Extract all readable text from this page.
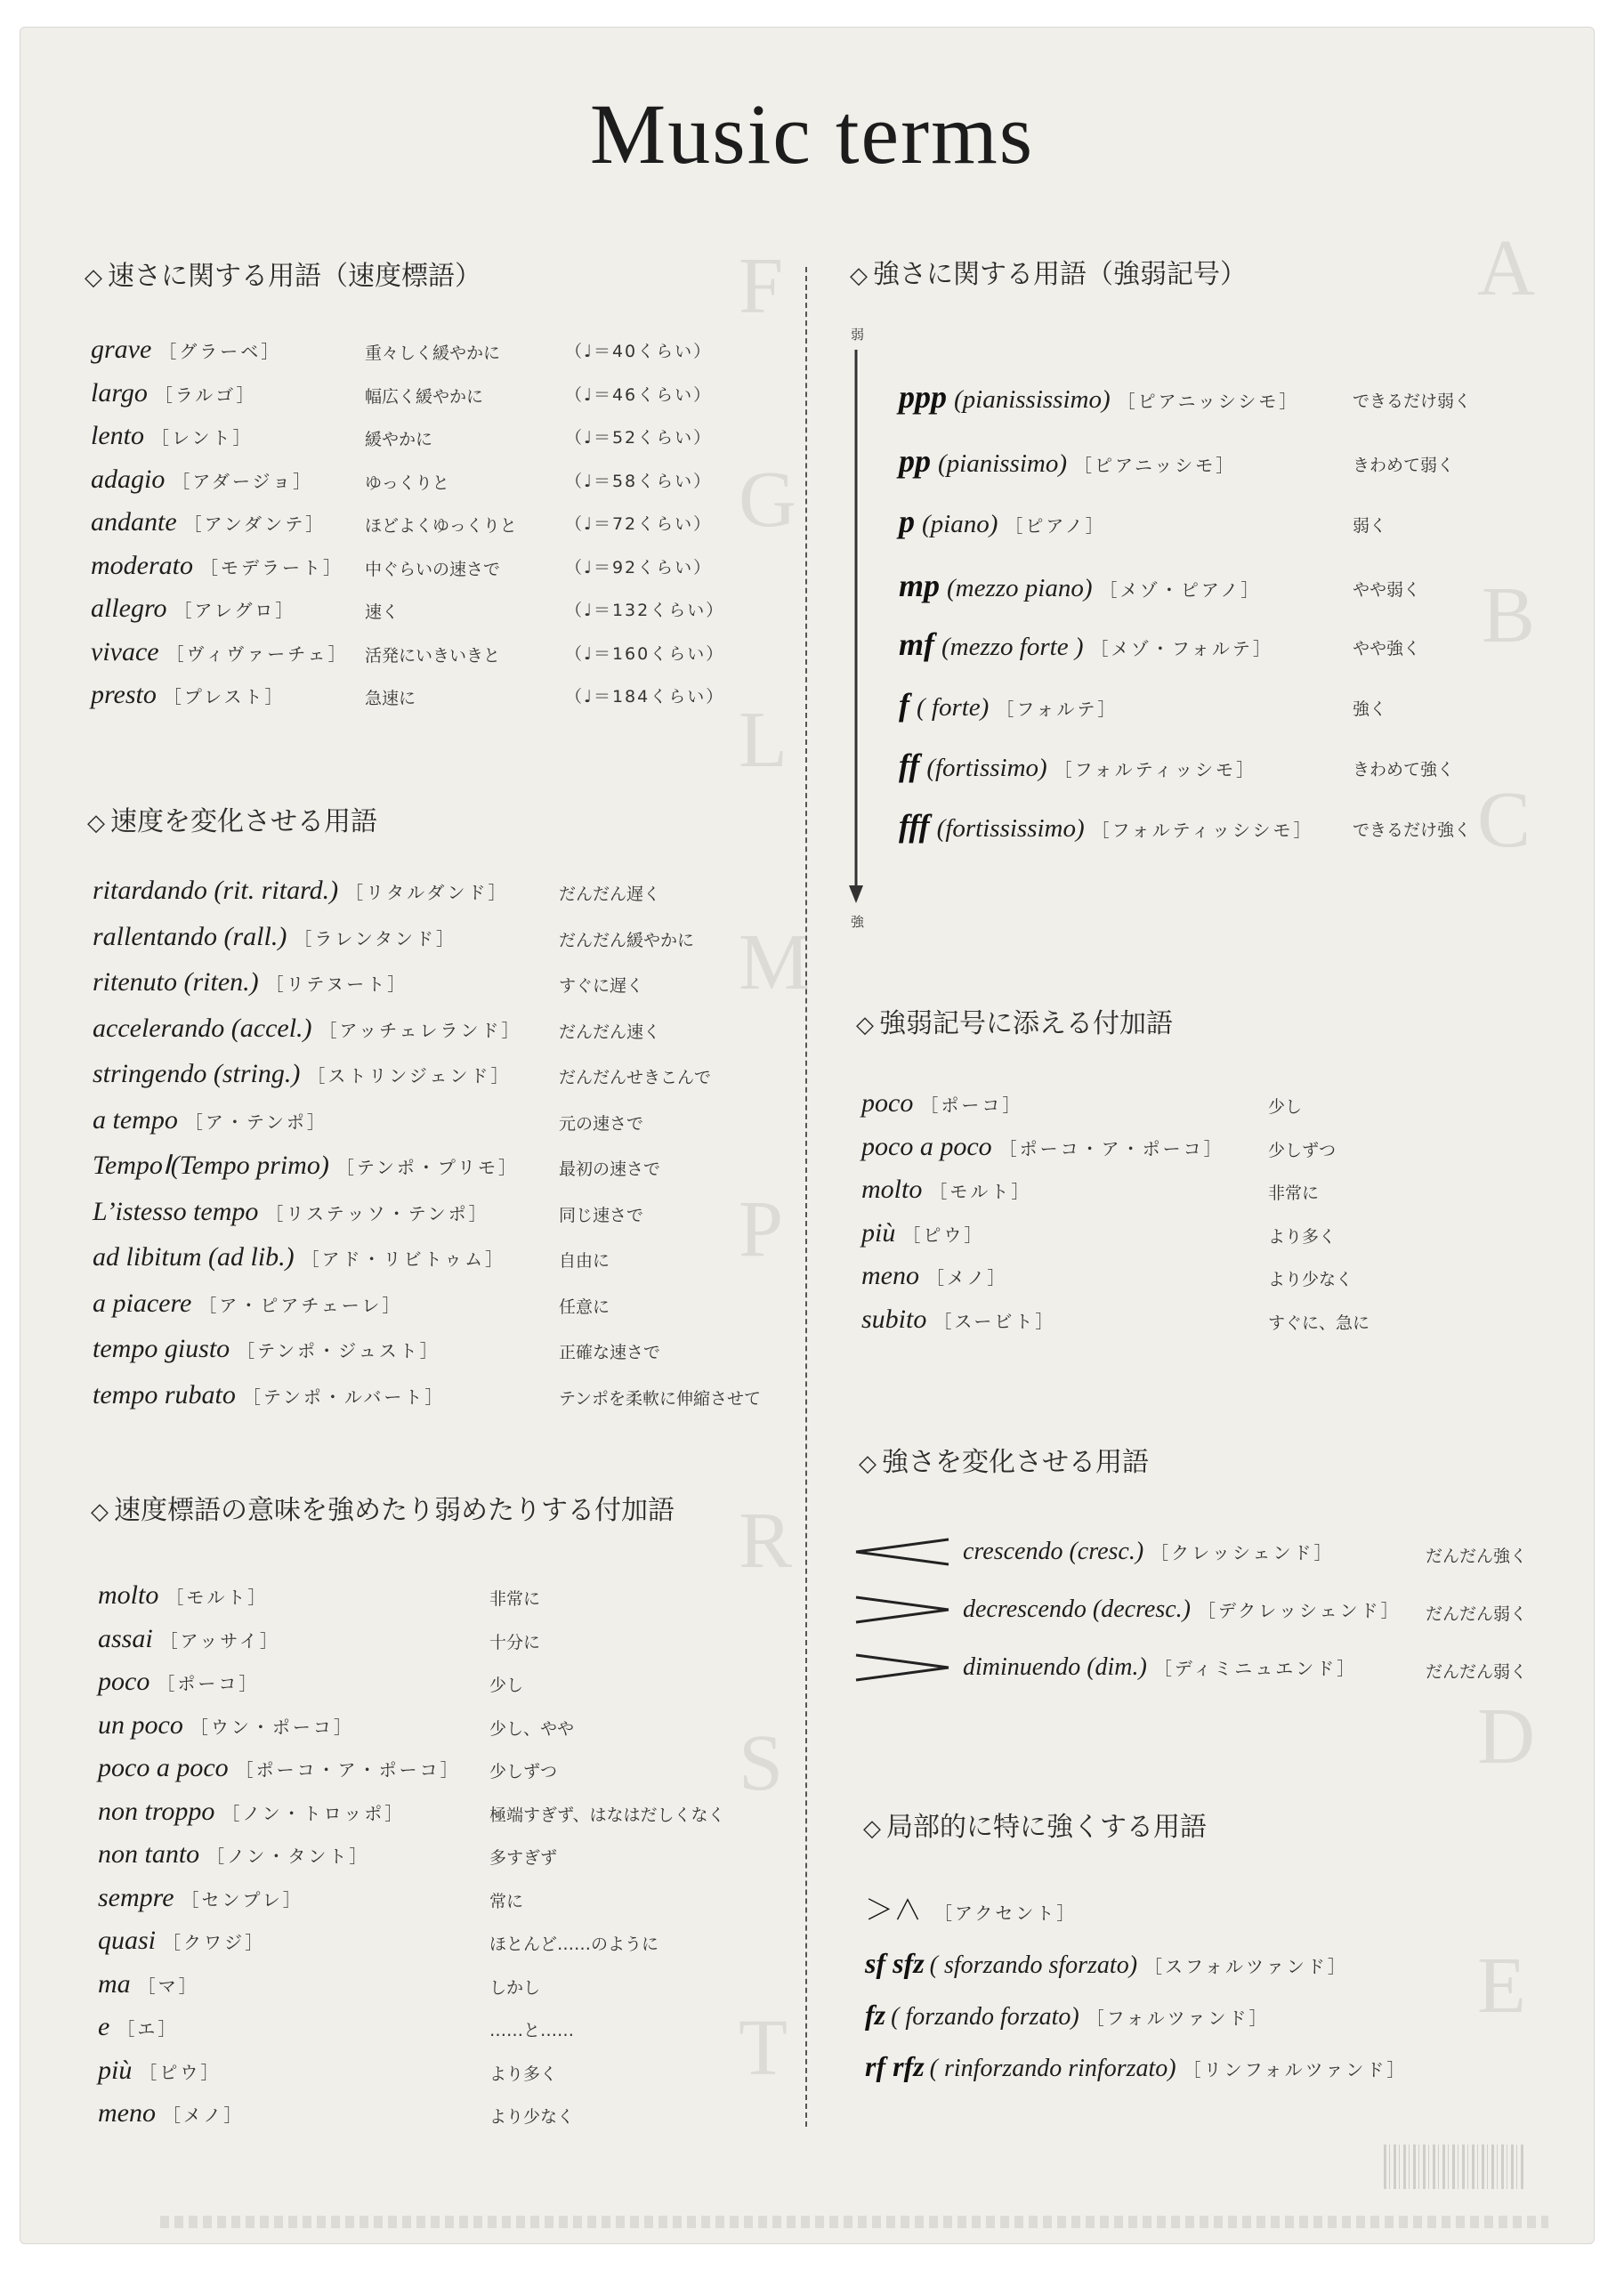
A
B
C
D
E
F
G
L
M
P
R
S
T
Music terms
◇ 速さに関する用語（速度標語）
grave ［グラーベ］	重々しく緩やかに	（♩＝40くらい）
largo ［ラルゴ］	幅広く緩やかに	（♩＝46くらい）
lento ［レント］	緩やかに	（♩＝52くらい）
adagio ［アダージョ］	ゆっくりと	（♩＝58くらい）
andante ［アンダンテ］ ほどよくゆっくりと	（♩＝72くらい）
moderato ［モデラート］ 中ぐらいの速さで	（♩＝92くらい）
allegro ［アレグロ］	速く	（♩＝132くらい）
vivace ［ヴィヴァーチェ］ 活発にいきいきと	（♩＝160くらい）
presto ［プレスト］	急速に	（♩＝184くらい）
◇ 速度を変化させる用語
ritardando (rit. ritard.) ［リタルダンド］	だんだん遅く
rallentando (rall.) ［ラレンタンド］	だんだん緩やかに
ritenuto (riten.) ［リテヌート］	すぐに遅く
accelerando (accel.) ［アッチェレランド］ だんだん速く
stringendo (string.) ［ストリンジェンド］	だんだんせきこんで
a tempo ［ア・テンポ］	元の速さで
TempoⅠ(Tempo primo) ［テンポ・プリモ］ 最初の速さで
L’istesso tempo ［リステッソ・テンポ］	同じ速さで
ad libitum (ad lib.) ［アド・リビトゥム］	自由に
a piacere ［ア・ピアチェーレ］	任意に
tempo giusto ［テンポ・ジュスト］	正確な速さで
tempo rubato ［テンポ・ルバート］	テンポを柔軟に伸縮させて
◇ 速度標語の意味を強めたり弱めたりする付加語
molto ［モルト］	非常に
assai ［アッサイ］	十分に
poco ［ポーコ］	少し
un poco ［ウン・ポーコ］	少し、やや
poco a poco ［ポーコ・ア・ポーコ］ 少しずつ
non troppo ［ノン・トロッポ］	極端すぎず、はなはだしくなく
non tanto ［ノン・タント］	多すぎず
sempre ［センプレ］	常に
quasi ［クワジ］	ほとんど……のように
ma ［マ］	しかし
e ［エ］	……と……
più ［ピウ］	より多く
meno ［メノ］	より少なく
◇ 強さに関する用語（強弱記号）
弱
強
ppp (pianississimo) ［ピアニッシシモ］	できるだけ弱く
pp (pianissimo) ［ピアニッシモ］	きわめて弱く
p (piano) ［ピアノ］	弱く
mp (mezzo piano) ［メゾ・ピアノ］	やや弱く
mf (mezzo forte ) ［メゾ・フォルテ］	やや強く
f ( forte) ［フォルテ］	強く
ff (fortissimo) ［フォルティッシモ］	きわめて強く
fff (fortississimo) ［フォルティッシシモ］ できるだけ強く
◇ 強弱記号に添える付加語
poco ［ポーコ］	少し
poco a poco ［ポーコ・ア・ポーコ］	少しずつ
molto ［モルト］	非常に
più ［ピウ］	より多く
meno ［メノ］	より少なく
subito ［スービト］	すぐに、急に
◇ 強さを変化させる用語
crescendo (cresc.) ［クレッシェンド］	だんだん強く
decrescendo (decresc.) ［デクレッシェンド］ だんだん弱く
diminuendo (dim.) ［ディミニュエンド］	だんだん弱く
◇ 局部的に特に強くする用語
＞∧ ［アクセント］
sf sfz ( sforzando sforzato) ［スフォルツァンド］
fz ( forzando forzato) ［フォルツァンド］
rf rfz ( rinforzando rinforzato) ［リンフォルツァンド］
